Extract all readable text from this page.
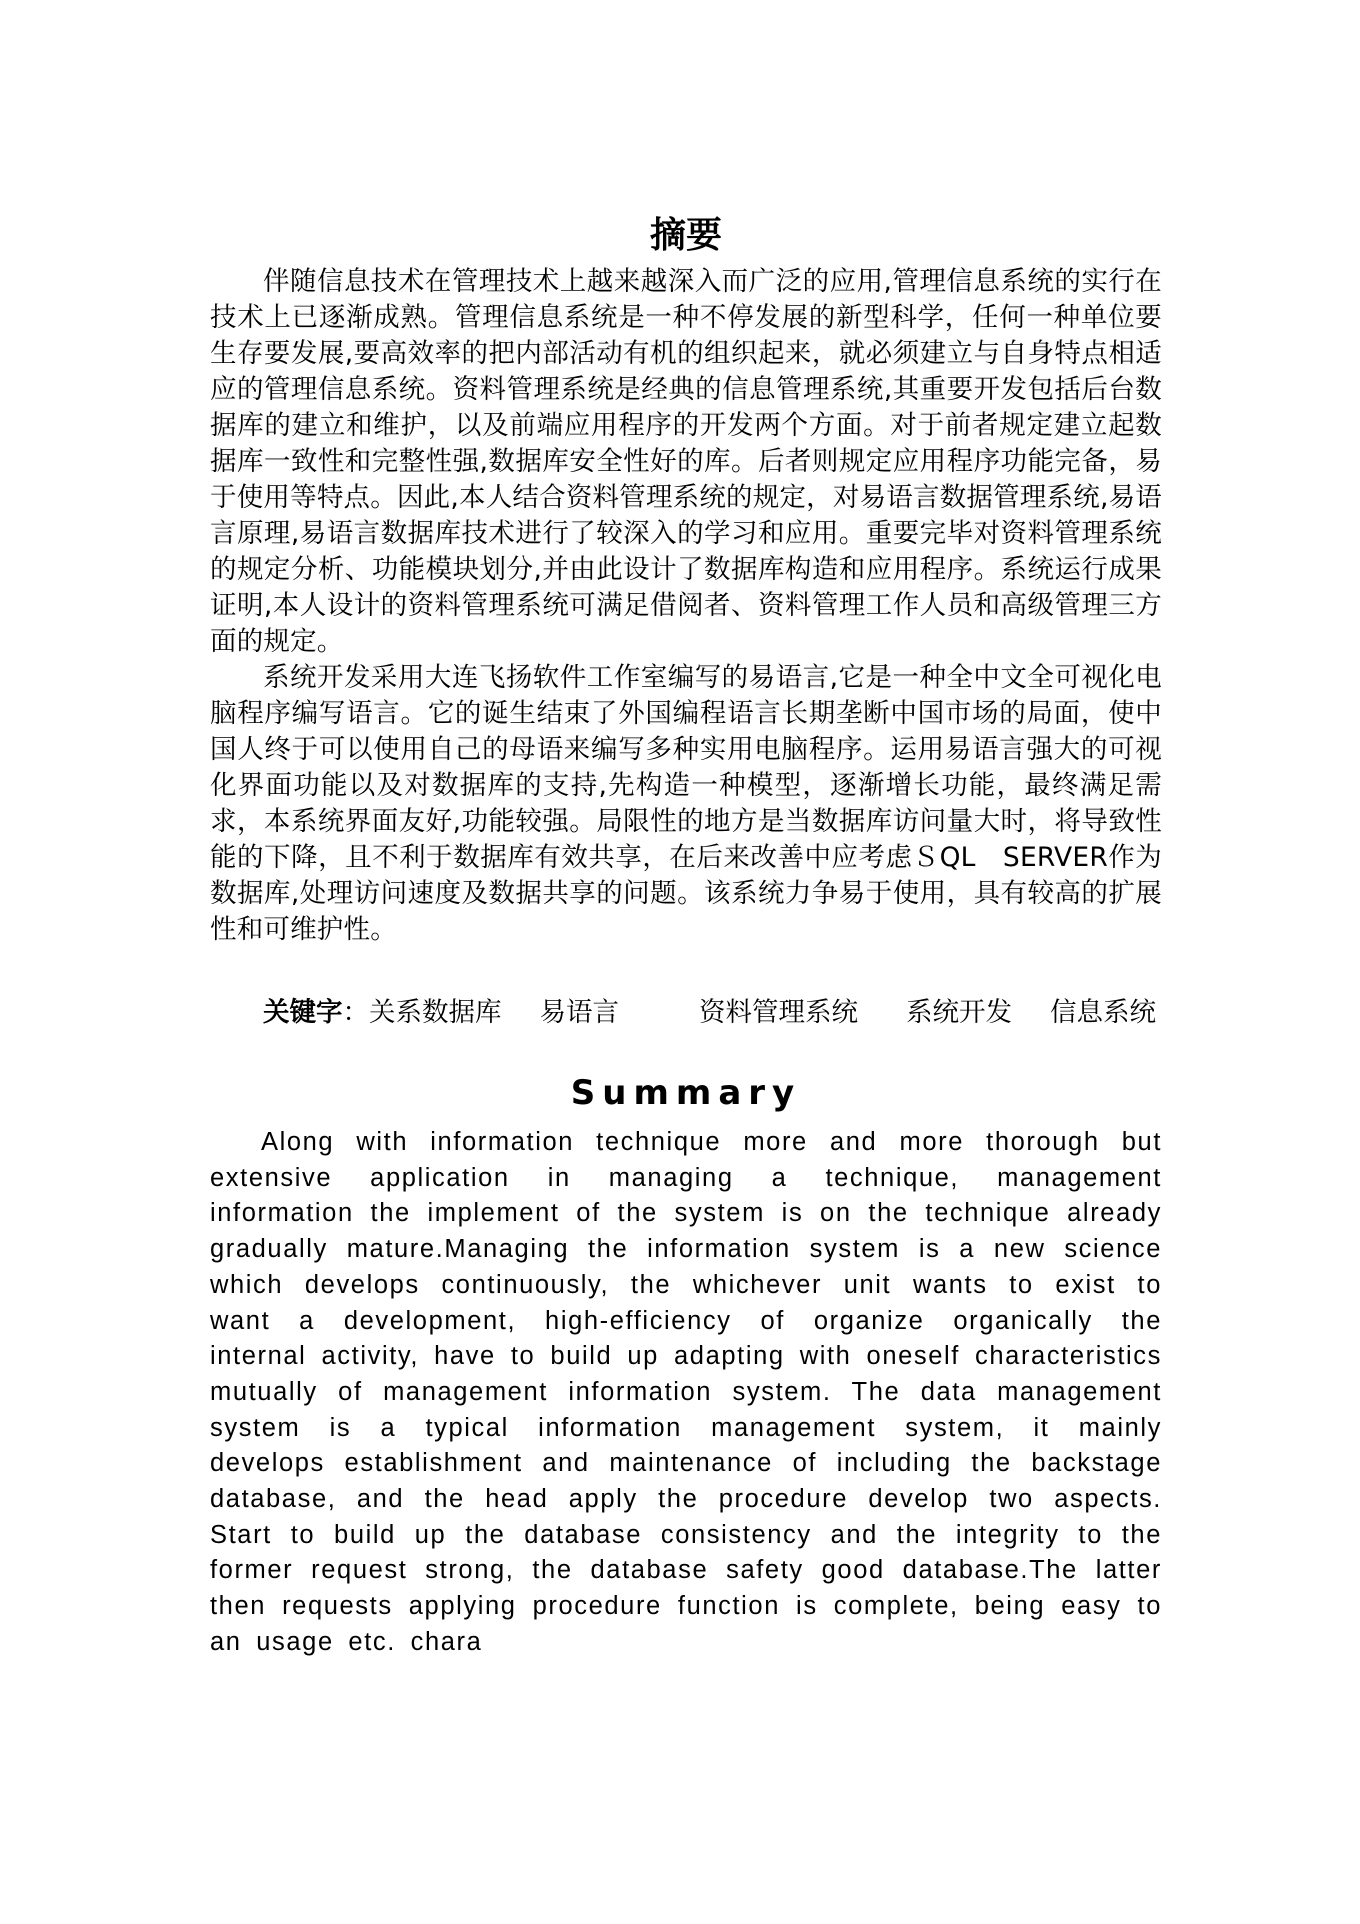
摘要

伴随信息技术在管理技术上越来越深入而广泛的应用,管理信息系统的实行在技术上已逐渐成熟。管理信息系统是一种不停发展的新型科学，任何一种单位要生存要发展,要高效率的把内部活动有机的组织起来，就必须建立与自身特点相适应的管理信息系统。资料管理系统是经典的信息管理系统,其重要开发包括后台数据库的建立和维护，以及前端应用程序的开发两个方面。对于前者规定建立起数据库一致性和完整性强,数据库安全性好的库。后者则规定应用程序功能完备，易于使用等特点。因此,本人结合资料管理系统的规定，对易语言数据管理系统,易语言原理,易语言数据库技术进行了较深入的学习和应用。重要完毕对资料管理系统的规定分析、功能模块划分,并由此设计了数据库构造和应用程序。系统运行成果证明,本人设计的资料管理系统可满足借阅者、资料管理工作人员和高级管理三方面的规定。

系统开发采用大连飞扬软件工作室编写的易语言,它是一种全中文全可视化电脑程序编写语言。它的诞生结束了外国编程语言长期垄断中国市场的局面，使中国人终于可以使用自己的母语来编写多种实用电脑程序。运用易语言强大的可视化界面功能以及对数据库的支持,先构造一种模型，逐渐增长功能，最终满足需求，本系统界面友好,功能较强。局限性的地方是当数据库访问量大时，将导致性能的下降，且不利于数据库有效共享，在后来改善中应考虑ＳQL　SERVER作为数据库,处理访问速度及数据共享的问题。该系统力争易于使用，具有较高的扩展性和可维护性。

关键字：关系数据库 易语言	资料管理系统 系统开发 信息系统

Summary

Along with information technique more and more thorough but extensive application in managing a technique, management information the implement of the system is on the technique already gradually mature.Managing the information system is a new science which develops continuously, the whichever unit wants to exist to want a development, high-efficiency of organize organically the internal activity, have to build up adapting with oneself characteristics mutually of management information system. The data management system is a typical information management system, it mainly develops establishment and maintenance of including the backstage database, and the head apply the procedure develop two aspects. Start to build up the database consistency and the integrity to the former request strong, the database safety good database.The latter then requests applying procedure function is complete, being easy to an usage etc. chara
